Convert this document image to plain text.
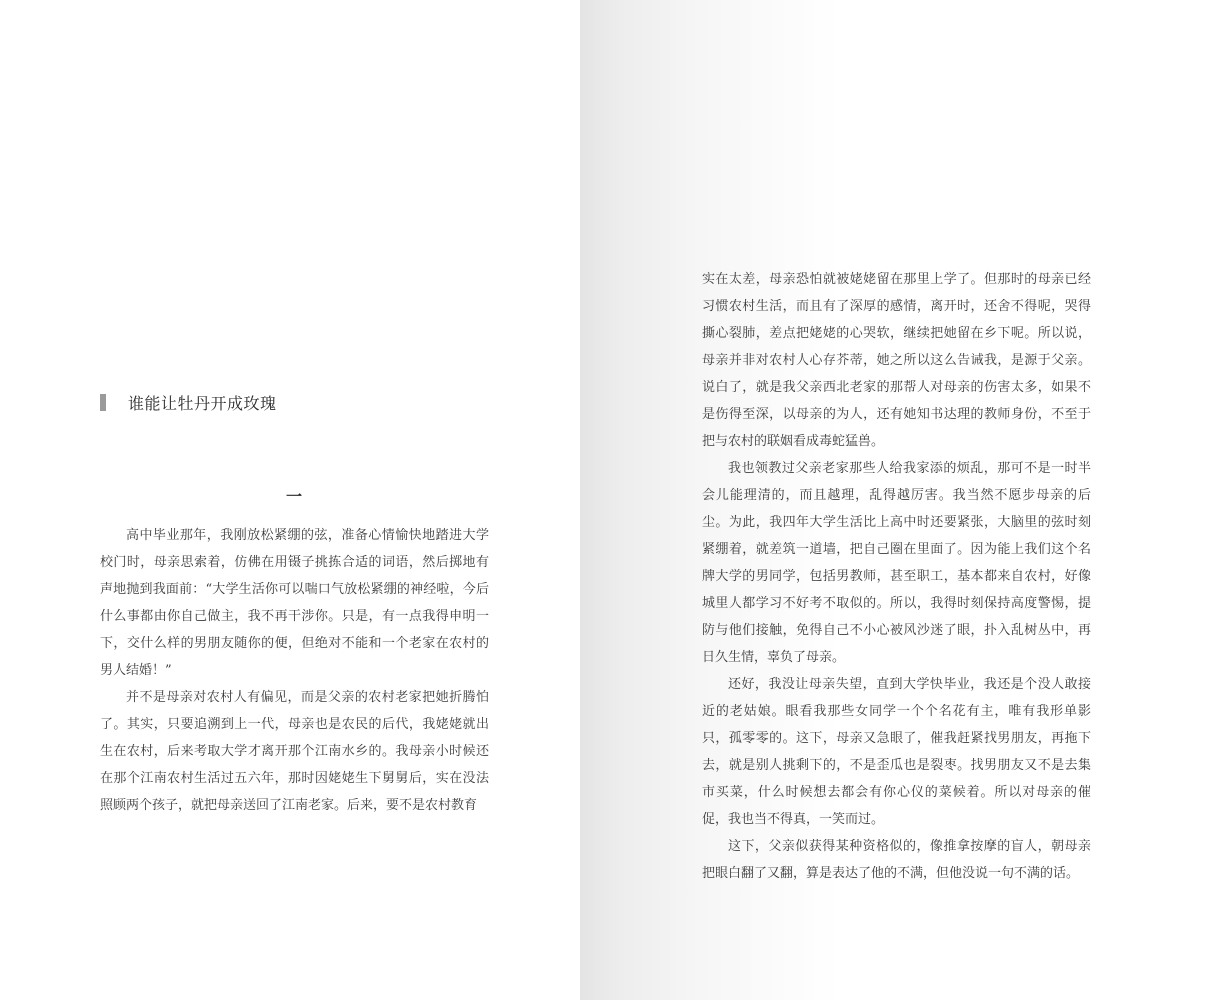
谁能让牡丹开成玫瑰
一

高中毕业那年，我刚放松紧绷的弦，准备心情愉快地踏进大学校门时，母亲思索着，仿佛在用镊子挑拣合适的词语，然后掷地有声地抛到我面前：“大学生活你可以喘口气放松紧绷的神经啦，今后什么事都由你自己做主，我不再干涉你。只是，有一点我得申明一下，交什么样的男朋友随你的便，但绝对不能和一个老家在农村的男人结婚！”

并不是母亲对农村人有偏见，而是父亲的农村老家把她折腾怕了。其实，只要追溯到上一代，母亲也是农民的后代，我姥姥就出生在农村，后来考取大学才离开那个江南水乡的。我母亲小时候还在那个江南农村生活过五六年，那时因姥姥生下舅舅后，实在没法照顾两个孩子，就把母亲送回了江南老家。后来，要不是农村教育

实在太差，母亲恐怕就被姥姥留在那里上学了。但那时的母亲已经习惯农村生活，而且有了深厚的感情，离开时，还舍不得呢，哭得撕心裂肺，差点把姥姥的心哭软，继续把她留在乡下呢。所以说，母亲并非对农村人心存芥蒂，她之所以这么告诫我，是源于父亲。说白了，就是我父亲西北老家的那帮人对母亲的伤害太多，如果不是伤得至深，以母亲的为人，还有她知书达理的教师身份，不至于把与农村的联姻看成毒蛇猛兽。

我也领教过父亲老家那些人给我家添的烦乱，那可不是一时半会儿能理清的，而且越理，乱得越厉害。我当然不愿步母亲的后尘。为此，我四年大学生活比上高中时还要紧张，大脑里的弦时刻紧绷着，就差筑一道墙，把自己圈在里面了。因为能上我们这个名牌大学的男同学，包括男教师，甚至职工，基本都来自农村，好像城里人都学习不好考不取似的。所以，我得时刻保持高度警惕，提防与他们接触，免得自己不小心被风沙迷了眼，扑入乱树丛中，再日久生情，辜负了母亲。

还好，我没让母亲失望，直到大学快毕业，我还是个没人敢接近的老姑娘。眼看我那些女同学一个个名花有主，唯有我形单影只，孤零零的。这下，母亲又急眼了，催我赶紧找男朋友，再拖下去，就是别人挑剩下的，不是歪瓜也是裂枣。找男朋友又不是去集市买菜，什么时候想去都会有你心仪的菜候着。所以对母亲的催促，我也当不得真，一笑而过。

这下，父亲似获得某种资格似的，像推拿按摩的盲人，朝母亲把眼白翻了又翻，算是表达了他的不满，但他没说一句不满的话。
